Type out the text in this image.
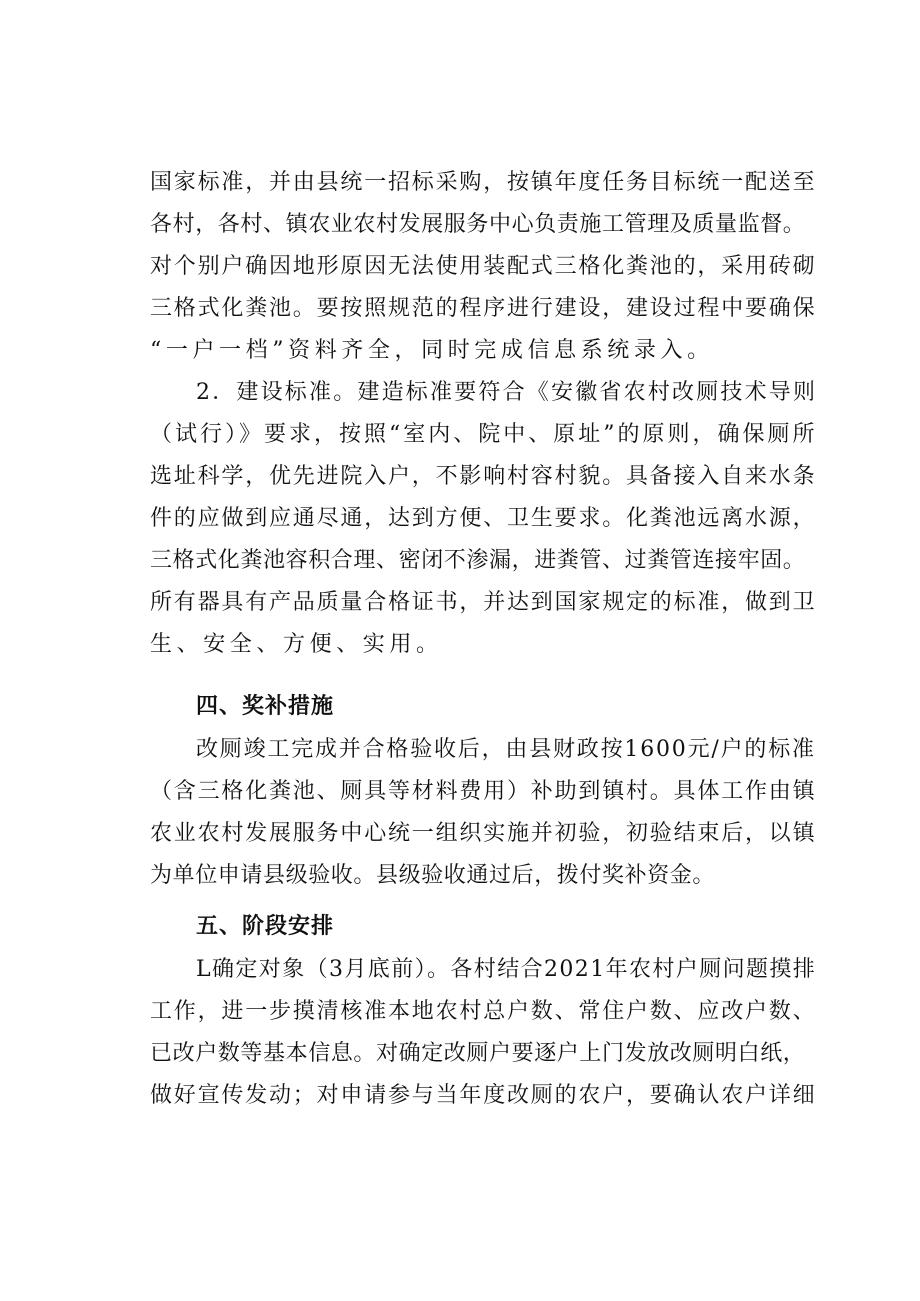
国家标准，并由县统一招标采购，按镇年度任务目标统一配送至
各村，各村、镇农业农村发展服务中心负责施工管理及质量监督。
对个别户确因地形原因无法使用装配式三格化粪池的，采用砖砌
三格式化粪池。要按照规范的程序进行建设，建设过程中要确保
“一户一档”资料齐全，同时完成信息系统录入。
2．建设标准。建造标准要符合《安徽省农村改厕技术导则
（试行）》要求，按照“室内、院中、原址”的原则，确保厕所
选址科学，优先进院入户，不影响村容村貌。具备接入自来水条
件的应做到应通尽通，达到方便、卫生要求。化粪池远离水源，
三格式化粪池容积合理、密闭不渗漏，进粪管、过粪管连接牢固。
所有器具有产品质量合格证书，并达到国家规定的标准，做到卫
生、安全、方便、实用。
四、奖补措施
改厕竣工完成并合格验收后，由县财政按1600元/户的标准
（含三格化粪池、厕具等材料费用）补助到镇村。具体工作由镇
农业农村发展服务中心统一组织实施并初验，初验结束后，以镇
为单位申请县级验收。县级验收通过后，拨付奖补资金。
五、阶段安排
L确定对象（3月底前）。各村结合2021年农村户厕问题摸排
工作，进一步摸清核准本地农村总户数、常住户数、应改户数、
已改户数等基本信息。对确定改厕户要逐户上门发放改厕明白纸，
做好宣传发动；对申请参与当年度改厕的农户，要确认农户详细
